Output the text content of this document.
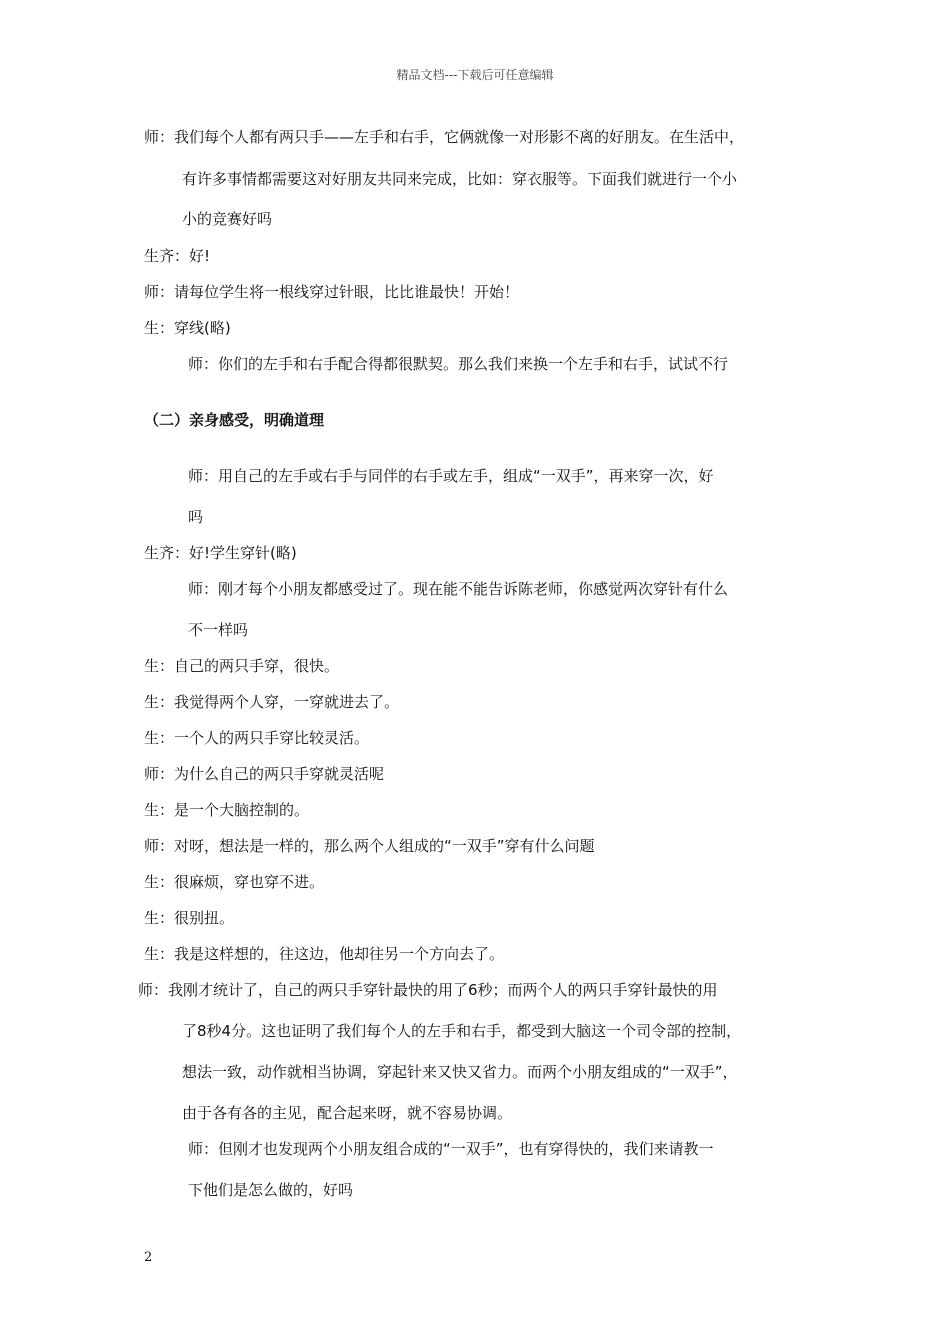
精品文档---下载后可任意编辑
师：我们每个人都有两只手——左手和右手，它俩就像一对形影不离的好朋友。在生活中，
有许多事情都需要这对好朋友共同来完成，比如：穿衣服等。下面我们就进行一个小
小的竞赛好吗
生齐：好!
师：请每位学生将一根线穿过针眼，比比谁最快！开始！
生：穿线(略)
师：你们的左手和右手配合得都很默契。那么我们来换一个左手和右手，试试不行
（二）亲身感受，明确道理
师：用自己的左手或右手与同伴的右手或左手，组成“一双手”，再来穿一次，好
吗
生齐：好!学生穿针(略)
师：刚才每个小朋友都感受过了。现在能不能告诉陈老师，你感觉两次穿针有什么
不一样吗
生：自己的两只手穿，很快。
生：我觉得两个人穿，一穿就进去了。
生：一个人的两只手穿比较灵活。
师：为什么自己的两只手穿就灵活呢
生：是一个大脑控制的。
师：对呀，想法是一样的，那么两个人组成的“一双手”穿有什么问题
生：很麻烦，穿也穿不进。
生：很别扭。
生：我是这样想的，往这边，他却往另一个方向去了。
师：我刚才统计了，自己的两只手穿针最快的用了6秒；而两个人的两只手穿针最快的用
了8秒4分。这也证明了我们每个人的左手和右手，都受到大脑这一个司令部的控制，
想法一致，动作就相当协调，穿起针来又快又省力。而两个小朋友组成的“一双手”，
由于各有各的主见，配合起来呀，就不容易协调。
师：但刚才也发现两个小朋友组合成的“一双手”，也有穿得快的，我们来请教一
下他们是怎么做的，好吗
2
